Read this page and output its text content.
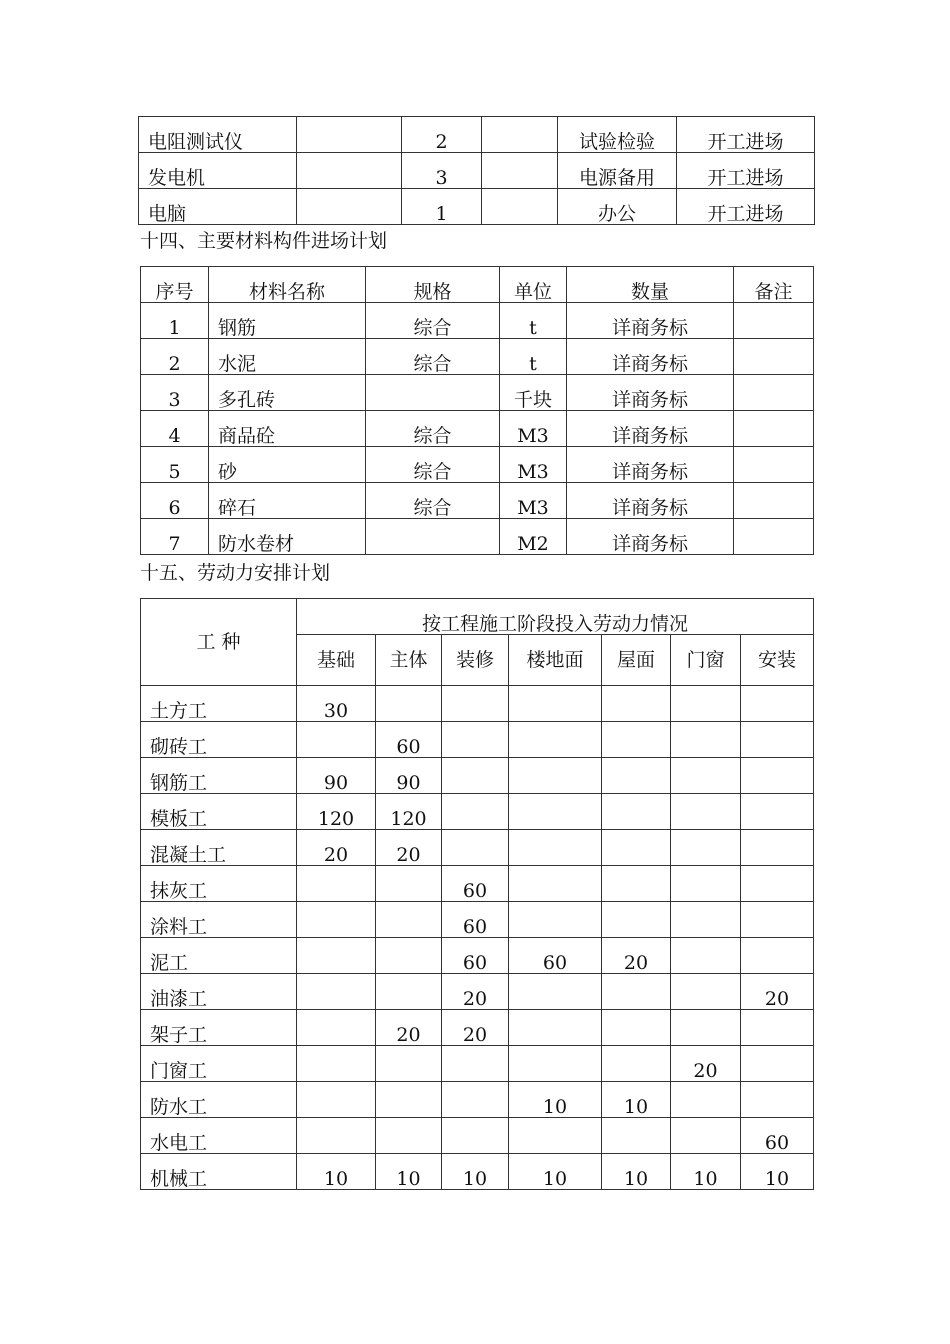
电阻测试仪		2		试验检验	开工进场
发电机		3		电源备用	开工进场
电脑		1		办公	开工进场
十四、主要材料构件进场计划
序号	材料名称	规格	单位	数量	备注
1	钢筋	综合	t	详商务标	
2	水泥	综合	t	详商务标	
3	多孔砖		千块	详商务标	
4	商品砼	综合	M3	详商务标	
5	砂	综合	M3	详商务标	
6	碎石	综合	M3	详商务标	
7	防水卷材		M2	详商务标	
十五、劳动力安排计划
工 种	按工程施工阶段投入劳动力情况						
	基础	主体	装修	楼地面	屋面	门窗	安装
土方工	30						
砌砖工		60					
钢筋工	90	90					
模板工	120	120					
混凝土工	20	20					
抹灰工			60				
涂料工			60				
泥工			60	60	20		
油漆工			20				20
架子工		20	20				
门窗工						20	
防水工				10	10		
水电工							60
机械工	10	10	10	10	10	10	10
